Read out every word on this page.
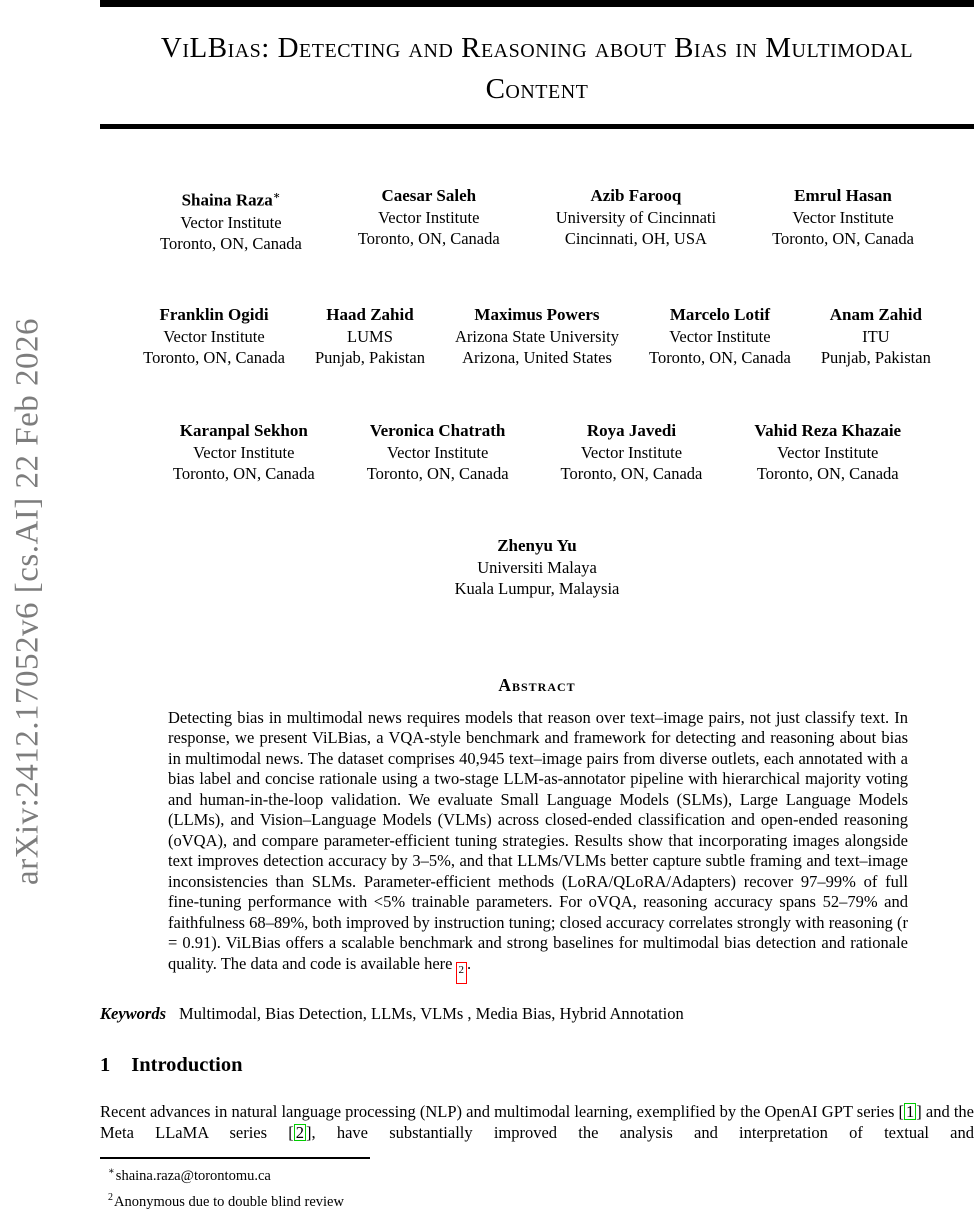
arXiv:2412.17052v6 [cs.AI] 22 Feb 2026
ViLBias: Detecting and Reasoning about Bias in Multimodal Content
Shaina Raza∗
Vector Institute
Toronto, ON, Canada
Caesar Saleh
Vector Institute
Toronto, ON, Canada
Azib Farooq
University of Cincinnati
Cincinnati, OH, USA
Emrul Hasan
Vector Institute
Toronto, ON, Canada
Franklin Ogidi
Vector Institute
Toronto, ON, Canada
Haad Zahid
LUMS
Punjab, Pakistan
Maximus Powers
Arizona State University
Arizona, United States
Marcelo Lotif
Vector Institute
Toronto, ON, Canada
Anam Zahid
ITU
Punjab, Pakistan
Karanpal Sekhon
Vector Institute
Toronto, ON, Canada
Veronica Chatrath
Vector Institute
Toronto, ON, Canada
Roya Javedi
Vector Institute
Toronto, ON, Canada
Vahid Reza Khazaie
Vector Institute
Toronto, ON, Canada
Zhenyu Yu
Universiti Malaya
Kuala Lumpur, Malaysia
Abstract

Detecting bias in multimodal news requires models that reason over text–image pairs, not just classify text. In response, we present ViLBias, a VQA-style benchmark and framework for detecting and reasoning about bias in multimodal news. The dataset comprises 40,945 text–image pairs from diverse outlets, each annotated with a bias label and concise rationale using a two-stage LLM-as-annotator pipeline with hierarchical majority voting and human-in-the-loop validation. We evaluate Small Language Models (SLMs), Large Language Models (LLMs), and Vision–Language Models (VLMs) across closed-ended classification and open-ended reasoning (oVQA), and compare parameter-efficient tuning strategies. Results show that incorporating images alongside text improves detection accuracy by 3–5%, and that LLMs/VLMs better capture subtle framing and text–image inconsistencies than SLMs. Parameter-efficient methods (LoRA/QLoRA/Adapters) recover 97–99% of full fine-tuning performance with <5% trainable parameters. For oVQA, reasoning accuracy spans 52–79% and faithfulness 68–89%, both improved by instruction tuning; closed accuracy correlates strongly with reasoning (r = 0.91). ViLBias offers a scalable benchmark and strong baselines for multimodal bias detection and rationale quality. The data and code is available here 2 .

Keywords Multimodal, Bias Detection, LLMs, VLMs , Media Bias, Hybrid Annotation

1 Introduction

Recent advances in natural language processing (NLP) and multimodal learning, exemplified by the OpenAI GPT series [ 1 ] and the Meta LLaMA series [ 2 ], have substantially improved the analysis and interpretation of textual and

∗shaina.raza@torontomu.ca
$^2$Anonymous due to double blind review
